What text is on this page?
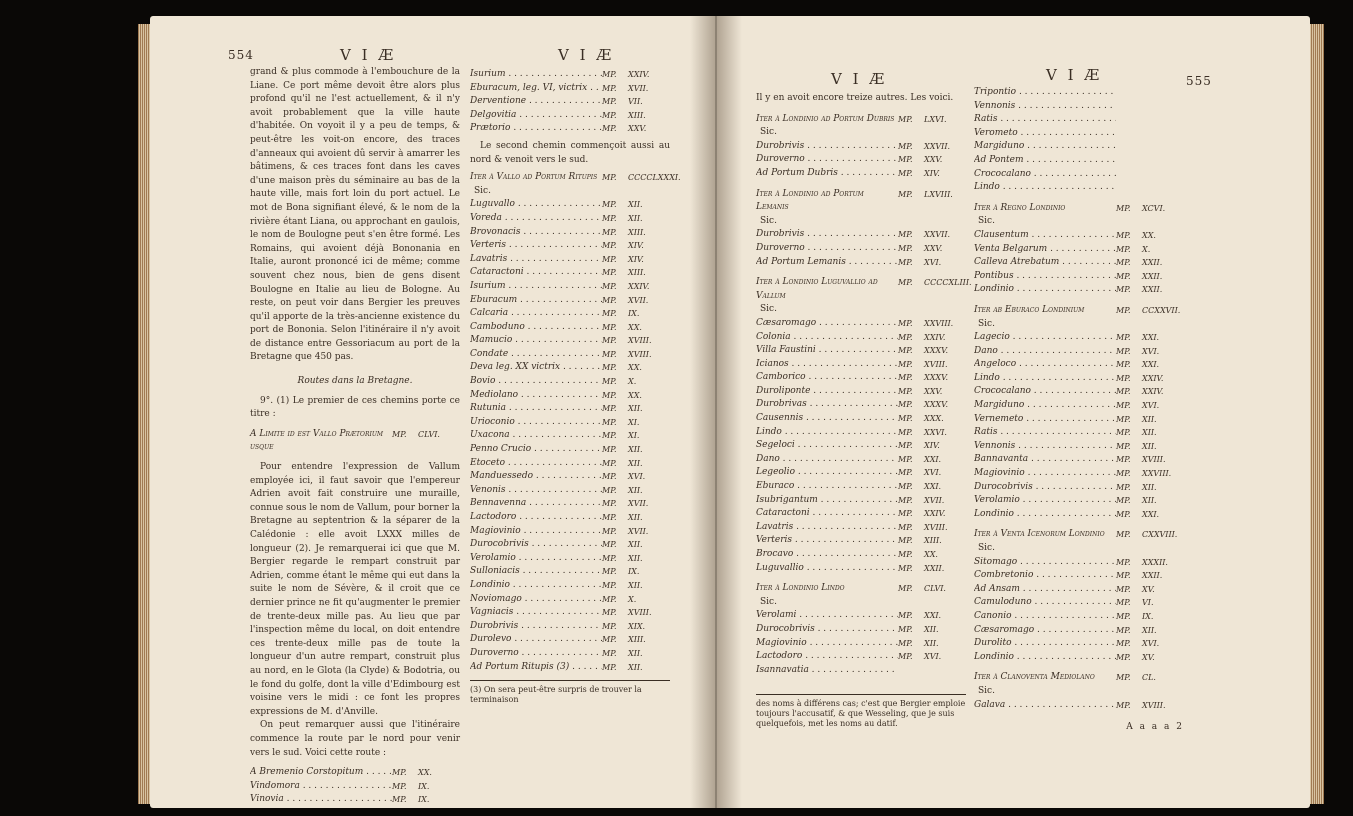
554	V I Æ	V I Æ

grand & plus commode à l'embouchure de la Liane. Ce port même devoit être alors plus profond qu'il ne l'est actuellement, & il n'y avoit probablement que la ville haute d'habitée. On voyoit il y a peu de temps, & peut-être les voit-on encore, des traces d'anneaux qui avoient dû servir à amarrer les bâtimens, & ces traces font dans les caves d'une maison près du séminaire au bas de la haute ville, mais fort loin du port actuel. Le mot de Bona signifiant élevé, & le nom de la rivière étant Liana, ou approchant en gaulois, le nom de Boulogne peut s'en être formé. Les Romains, qui avoient déjà Bononania en Italie, auront prononcé ici de même; comme souvent chez nous, bien de gens disent Boulogne en Italie au lieu de Bologne. Au reste, on peut voir dans Bergier les preuves qu'il apporte de la très-ancienne existence du port de Bononia. Selon l'itinéraire il n'y avoit de distance entre Gessoriacum au port de la Bretagne que 450 pas.

Routes dans la Bretagne.

9°. (1) Le premier de ces chemins porte ce titre :

A Limite id est Vallo Prætorium usque
MP.	CLVI.

Pour entendre l'expression de Vallum employée ici, il faut savoir que l'empereur Adrien avoit fait construire une muraille, connue sous le nom de Vallum, pour borner la Bretagne au septentrion & la séparer de la Calédonie : elle avoit LXXX milles de longueur (2). Je remarquerai ici que que M. Bergier regarde le rempart construit par Adrien, comme étant le même qui eut dans la suite le nom de Sévère, & il croit que ce dernier prince ne fit qu'augmenter le premier de trente-deux mille pas. Au lieu que par l'inspection même du local, on doit entendre ces trente-deux mille pas de toute la longueur d'un autre rempart, construit plus au nord, en le Glota (la Clyde) & Bodotria, ou le fond du golfe, dont la ville d'Edimbourg est voisine vers le midi : ce font les propres expressions de M. d'Anville.

On peut remarquer aussi que l'itinéraire commence la route par le nord pour venir vers le sud. Voici cette route :

A Bremenio Corstopitum . . .	MP.	XX.
Vindomora . . .	MP.	IX.
Vinovia . . .	MP.	IX.
. . .
Isurium . . .	MP.	XXIV.
Eburacum, leg. VI, victrix . . .	MP.	XVII.
Derventione . . .	MP.	VII.
Delgovitia . . .	MP.	XIII.
Prætorio . . .	MP.	XXV.

Le second chemin commençoit aussi au nord & venoit vers le sud.

Iter à Vallo ad Portum Ritupis MP.	CCCCLXXXI.
Sic.
Luguvallo . . .	MP.	XII.
Voreda . . .	MP.	XII.
Brovonacis . . .	MP.	XIII.
Verteris . . .	MP.	XIV.
Lavatris . . .	MP.	XIV.
Cataractoni . . .	MP.	XIII.
Isurium . . .	MP.	XXIV.
Eburacum . . .	MP.	XVII.
Calcaria . . .	MP.	IX.
Camboduno . . .	MP.	XX.
Mamucio . . .	MP.	XVIII.
Condate . . .	MP.	XVIII.
Deva leg. XX victrix . . .	MP.	XX.
Bovio . . .	MP.	X.
Mediolano . . .	MP.	XX.
Rutunia . . .	MP.	XII.
Urioconio . . .	MP.	XI.
Uxacona . . .	MP.	XI.
Penno Crucio . . .	MP.	XII.
Etoceto . . .	MP.	XII.
Manduessedo . . .	MP.	XVI.
Venonis . . .	MP.	XII.
Bennavenna . . .	MP.	XVII.
Lactodoro . . .	MP.	XII.
Magiovinio . . .	MP.	XVII.
Durocobrivis . . .	MP.	XII.
Verolamio . . .	MP.	XII.
Sulloniacis . . .	MP.	IX.
Londinio . . .	MP.	XII.
Noviomago . . .	MP.	X.
Vagniacis . . .	MP.	XVIII.
Durobrivis . . .	MP.	XIX.
Durolevo . . .	MP.	XIII.
Duroverno . . .	MP.	XII.
Ad Portum Ritupis (3) . . .	MP.	XII.
(3) On sera peut-être surpris de trouver la terminaison
V I Æ	V I Æ	555

Il y en avoit encore treize autres. Les voici.

Iter à Londinio ad Portum Dubris MP.	LXVI.
Sic.
Durobrivis . . .	MP.	XXVII.
Duroverno . . .	MP.	XXV.
Ad Portum Dubris . . .	MP.	XIV.
Iter à Londinio ad Portum Lemanis
MP.	LXVIII.
Sic.
Durobrivis . . .	MP.	XXVII.
Duroverno . . .	MP.	XXV.
Ad Portum Lemanis . . .	MP.	XVI.
Iter à Londinio Luguvallio ad Vallum
MP.	CCCCXLIII.
Sic.
Cæsaromago . . .	MP.	XXVIII.
Colonia . . .	MP.	XXIV.
Villa Faustini . . .	MP.	XXXV.
Icianos . . .	MP.	XVIII.
Camborico . . .	MP.	XXXV.
Duroliponte . . .	MP.	XXV.
Durobrivas . . .	MP.	XXXV.
Causennis . . .	MP.	XXX.
Lindo . . .	MP.	XXVI.
Segeloci . . .	MP.	XIV.
Dano . . .	MP.	XXI.
Legeolio . . .	MP.	XVI.
Eburaco . . .	MP.	XXI.
Isubrigantum . . .	MP.	XVII.
Cataractoni . . .	MP.	XXIV.
Lavatris . . .	MP.	XVIII.
Verteris . . .	MP.	XIII.
Brocavo . . .	MP.	XX.
Luguvallio . . .	MP.	XXII.
Iter à Londinio Lindo	MP.	CLVI.
Sic.
Verolami . . .	MP.	XXI.
Durocobrivis . . .	MP.	XII.
Magiovinio . . .	MP.	XII.
Lactodoro . . .	MP.	XVI.
Isannavatia . . .
des noms à différens cas; c'est que Bergier emploie toujours l'accusatif, & que Wesseling, que je suis quelquefois, met les noms au datif.
Tripontio . . .
Vennonis . . .
Ratis . . .
Verometo . . .
Margiduno . . .
Ad Pontem . . .
Crococalano . . .
Lindo . . .
Iter à Regno Londinio	MP.	XCVI.
Sic.
Clausentum . . .	MP.	XX.
Venta Belgarum . . .	MP.	X.
Calleva Atrebatum . . .	MP.	XXII.
Pontibus . . .	MP.	XXII.
Londinio . . .	MP.	XXII.
Iter ab Eburaco Londinium	MP.	CCXXVII.
Sic.
Lagecio . . .	MP.	XXI.
Dano . . .	MP.	XVI.
Angeloco . . .	MP.	XXI.
Lindo . . .	MP.	XXIV.
Crococalano . . .	MP.	XXIV.
Margiduno . . .	MP.	XVI.
Vernemeto . . .	MP.	XII.
Ratis . . .	MP.	XII.
Vennonis . . .	MP.	XII.
Bannavanta . . .	MP.	XVIII.
Magiovinio . . .	MP.	XXVIII.
Durocobrivis . . .	MP.	XII.
Verolamio . . .	MP.	XII.
Londinio . . .	MP.	XXI.
Iter à Venta Icenorum Londinio	MP.	CXXVIII.
Sic.
Sitomago . . .	MP.	XXXII.
Combretonio . . .	MP.	XXII.
Ad Ansam . . .	MP.	XV.
Camuloduno . . .	MP.	VI.
Canonio . . .	MP.	IX.
Cæsaromago . . .	MP.	XII.
Durolito . . .	MP.	XVI.
Londinio . . .	MP.	XV.
Iter à Clanoventa Mediolano	MP.	CL.
Sic.
Galava . . .	MP.	XVIII.
A a a a 2
